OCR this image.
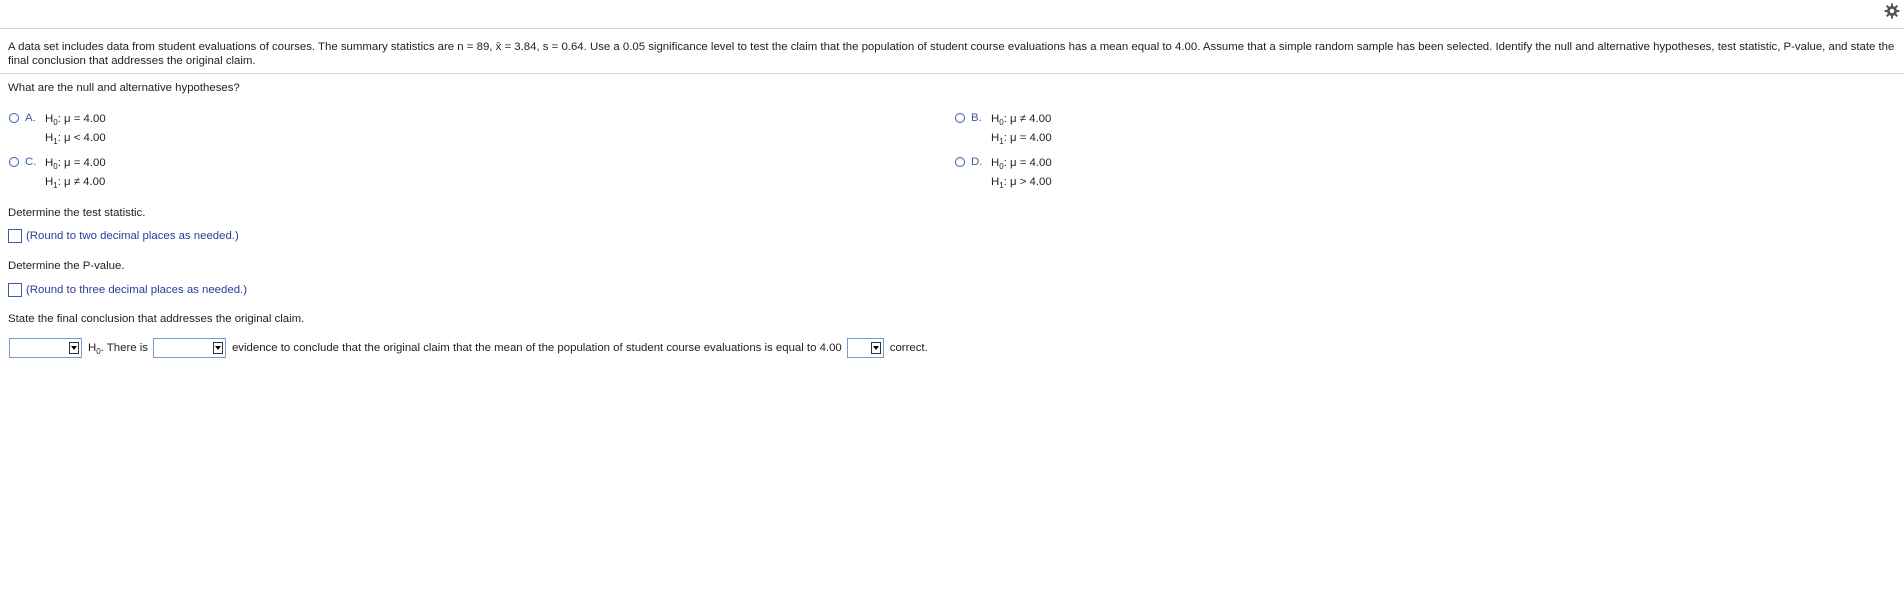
A data set includes data from student evaluations of courses. The summary statistics are n = 89, x̄ = 3.84, s = 0.64. Use a 0.05 significance level to test the claim that the population of student course evaluations has a mean equal to 4.00. Assume that a simple random sample has been selected. Identify the null and alternative hypotheses, test statistic, P-value, and state the final conclusion that addresses the original claim.
What are the null and alternative hypotheses?
A. $H_0$: μ = 4.00
$H_1$: μ < 4.00
B. $H_0$: μ ≠ 4.00
$H_1$: μ = 4.00
C. $H_0$: μ = 4.00
$H_1$: μ ≠ 4.00
D. $H_0$: μ = 4.00
$H_1$: μ > 4.00
Determine the test statistic.
(Round to two decimal places as needed.)
Determine the P-value.
(Round to three decimal places as needed.)
State the final conclusion that addresses the original claim.
$H_0$ . There is	evidence to conclude that the original claim that the mean of the population of student course evaluations is equal to 4.00	correct.
